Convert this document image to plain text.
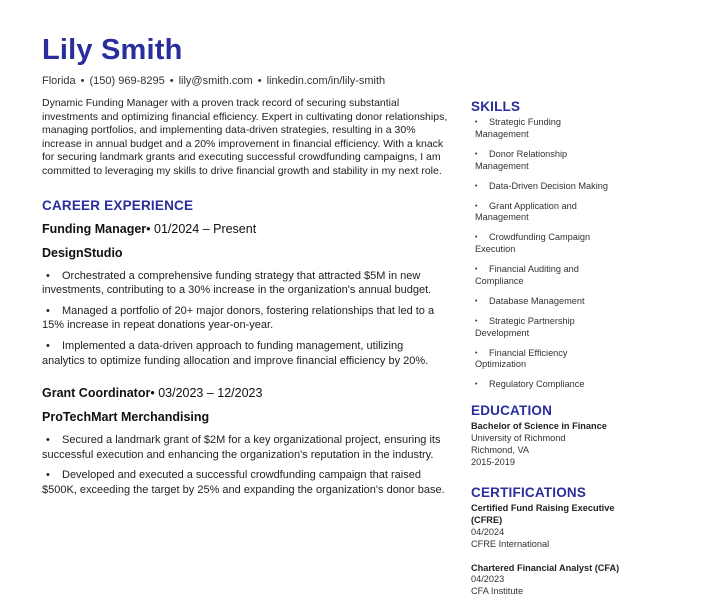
Lily Smith
Florida • (150) 969-8295 • lily@smith.com • linkedin.com/in/lily-smith

Dynamic Funding Manager with a proven track record of securing substantial investments and optimizing financial efficiency. Expert in cultivating donor relationships, managing portfolios, and implementing data-driven strategies, resulting in a 30% increase in annual budget and a 20% improvement in financial efficiency. With a knack for securing landmark grants and executing successful crowdfunding campaigns, I am committed to leveraging my skills to drive financial growth and stability in my next role.

CAREER EXPERIENCE
Funding Manager• 01/2024 – Present
DesignStudio
• Orchestrated a comprehensive funding strategy that attracted $5M in new investments, contributing to a 30% increase in the organization's annual budget.
• Managed a portfolio of 20+ major donors, fostering relationships that led to a 15% increase in repeat donations year-on-year.
• Implemented a data-driven approach to funding management, utilizing analytics to optimize funding allocation and improve financial efficiency by 20%.
Grant Coordinator• 03/2023 – 12/2023
ProTechMart Merchandising
• Secured a landmark grant of $2M for a key organizational project, ensuring its successful execution and enhancing the organization's reputation in the industry.
• Developed and executed a successful crowdfunding campaign that raised $500K, exceeding the target by 25% and expanding the organization's donor base.
SKILLS
• Strategic Funding Management
• Donor Relationship Management
• Data-Driven Decision Making
• Grant Application and Management
• Crowdfunding Campaign Execution
• Financial Auditing and Compliance
• Database Management
• Strategic Partnership Development
• Financial Efficiency Optimization
• Regulatory Compliance
EDUCATION
Bachelor of Science in Finance
University of Richmond
Richmond, VA
2015-2019
CERTIFICATIONS
Certified Fund Raising Executive (CFRE)
04/2024
CFRE International
Chartered Financial Analyst (CFA)
04/2023
CFA Institute
